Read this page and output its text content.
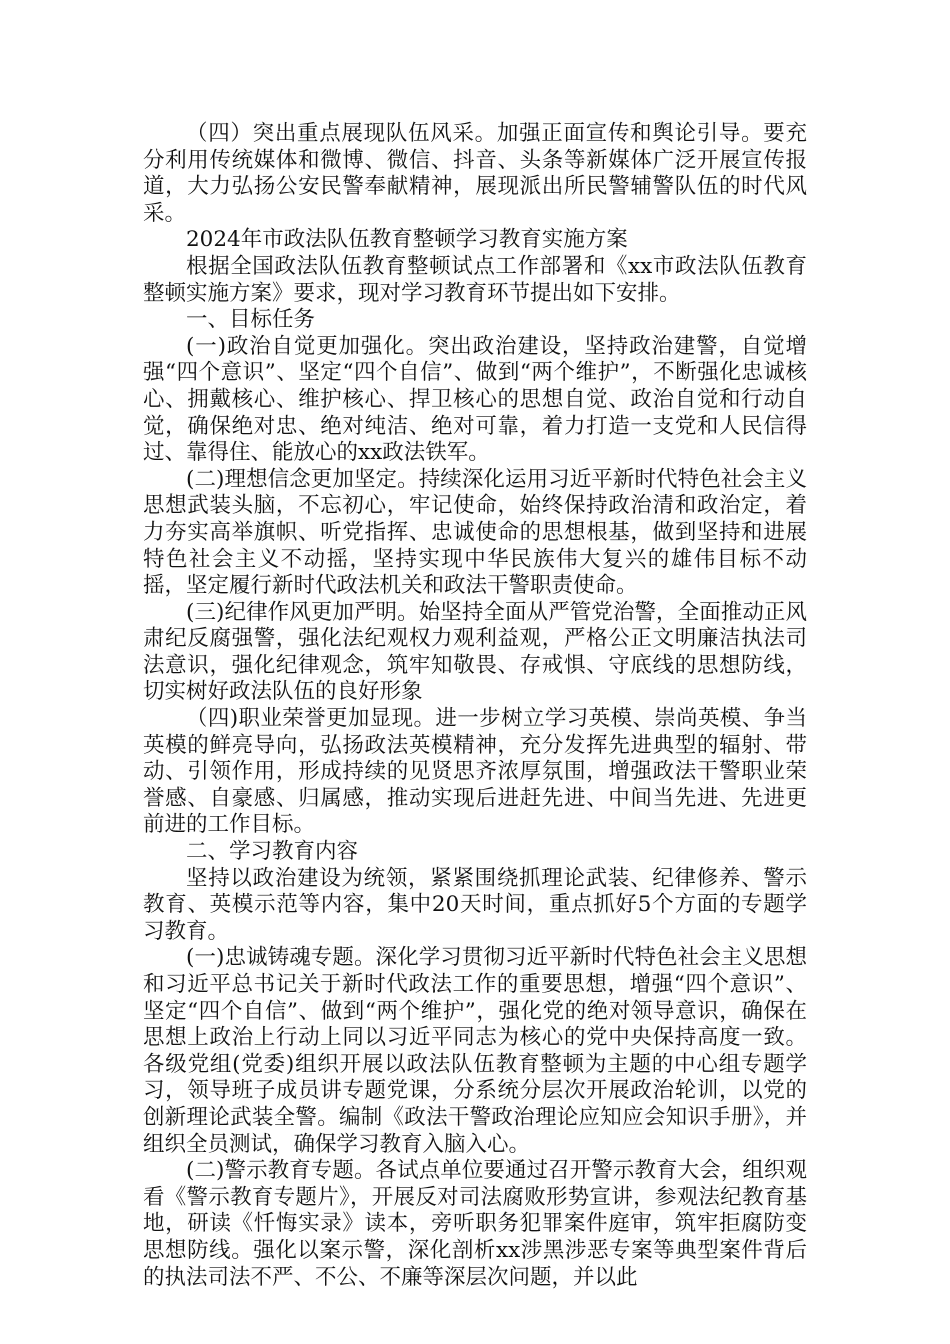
（四）突出重点展现队伍风采。加强正面宣传和舆论引导。要充分利用传统媒体和微博、微信、抖音、头条等新媒体广泛开展宣传报道，大力弘扬公安民警奉献精神，展现派出所民警辅警队伍的时代风采。

2024年市政法队伍教育整顿学习教育实施方案

根据全国政法队伍教育整顿试点工作部署和《xx市政法队伍教育整顿实施方案》要求，现对学习教育环节提出如下安排。

一、目标任务

(一)政治自觉更加强化。突出政治建设，坚持政治建警，自觉增强“四个意识”、坚定“四个自信”、做到“两个维护”，不断强化忠诚核心、拥戴核心、维护核心、捍卫核心的思想自觉、政治自觉和行动自觉，确保绝对忠、绝对纯洁、绝对可靠，着力打造一支党和人民信得过、靠得住、能放心的xx政法铁军。

(二)理想信念更加坚定。持续深化运用习近平新时代特色社会主义思想武装头脑，不忘初心，牢记使命，始终保持政治清和政治定，着力夯实高举旗帜、听党指挥、忠诚使命的思想根基，做到坚持和进展特色社会主义不动摇，坚持实现中华民族伟大复兴的雄伟目标不动摇，坚定履行新时代政法机关和政法干警职责使命。

(三)纪律作风更加严明。始坚持全面从严管党治警，全面推动正风肃纪反腐强警，强化法纪观权力观利益观，严格公正文明廉洁执法司法意识，强化纪律观念，筑牢知敬畏、存戒惧、守底线的思想防线，切实树好政法队伍的良好形象

（四)职业荣誉更加显现。进一步树立学习英模、崇尚英模、争当英模的鲜亮导向，弘扬政法英模精神，充分发挥先进典型的辐射、带动、引领作用，形成持续的见贤思齐浓厚氛围，增强政法干警职业荣誉感、自豪感、归属感，推动实现后进赶先进、中间当先进、先进更前进的工作目标。

二、学习教育内容

坚持以政治建设为统领，紧紧围绕抓理论武装、纪律修养、警示教育、英模示范等内容，集中20天时间，重点抓好5个方面的专题学习教育。

(一)忠诚铸魂专题。深化学习贯彻习近平新时代特色社会主义思想和习近平总书记关于新时代政法工作的重要思想，增强“四个意识”、坚定“四个自信”、做到“两个维护”，强化党的绝对领导意识，确保在思想上政治上行动上同以习近平同志为核心的党中央保持高度一致。各级党组(党委)组织开展以政法队伍教育整顿为主题的中心组专题学习，领导班子成员讲专题党课，分系统分层次开展政治轮训，以党的创新理论武装全警。编制《政法干警政治理论应知应会知识手册》，并组织全员测试，确保学习教育入脑入心。

(二)警示教育专题。各试点单位要通过召开警示教育大会，组织观看《警示教育专题片》，开展反对司法腐败形势宣讲，参观法纪教育基地，研读《忏悔实录》读本，旁听职务犯罪案件庭审，筑牢拒腐防变思想防线。强化以案示警，深化剖析xx涉黑涉恶专案等典型案件背后的执法司法不严、不公、不廉等深层次问题，并以此
